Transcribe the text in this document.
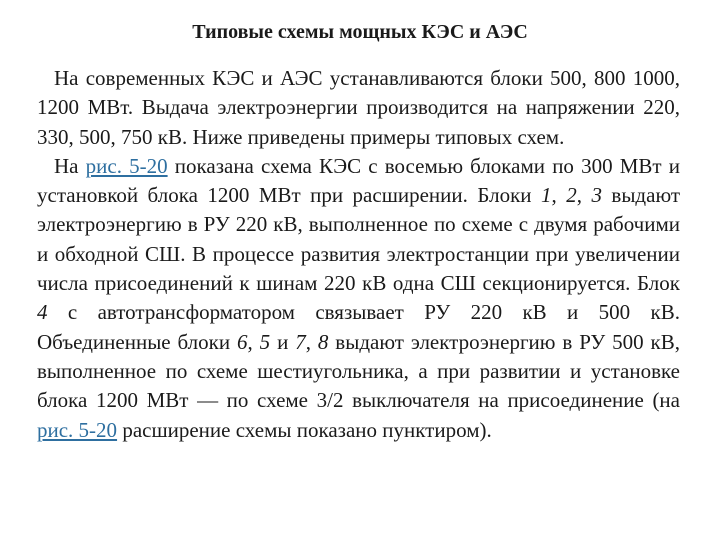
Типовые схемы мощных КЭС и АЭС

На современных КЭС и АЭС устанавливаются блоки 500, 800 1000, 1200 МВт. Выдача электроэнергии производится на напряжении 220, 330, 500, 750 кВ. Ниже приведены примеры типовых схем.

На рис. 5-20 показана схема КЭС с восемью блоками по 300 МВт и установкой блока 1200 МВт при расширении. Блоки 1, 2, 3 выдают электроэнергию в РУ 220 кВ, выполненное по схеме с двумя рабочими и обходной СШ. В процессе развития электростанции при увеличении числа присоединений к шинам 220 кВ одна СШ секционируется. Блок 4 с автотрансформатором связывает РУ 220 кВ и 500 кВ. Объединенные блоки 6, 5 и 7, 8 выдают электроэнергию в РУ 500 кВ, выполненное по схеме шестиугольника, а при развитии и установке блока 1200 МВт — по схеме 3/2 выключателя на присоединение (на рис. 5-20 расширение схемы показано пунктиром).
